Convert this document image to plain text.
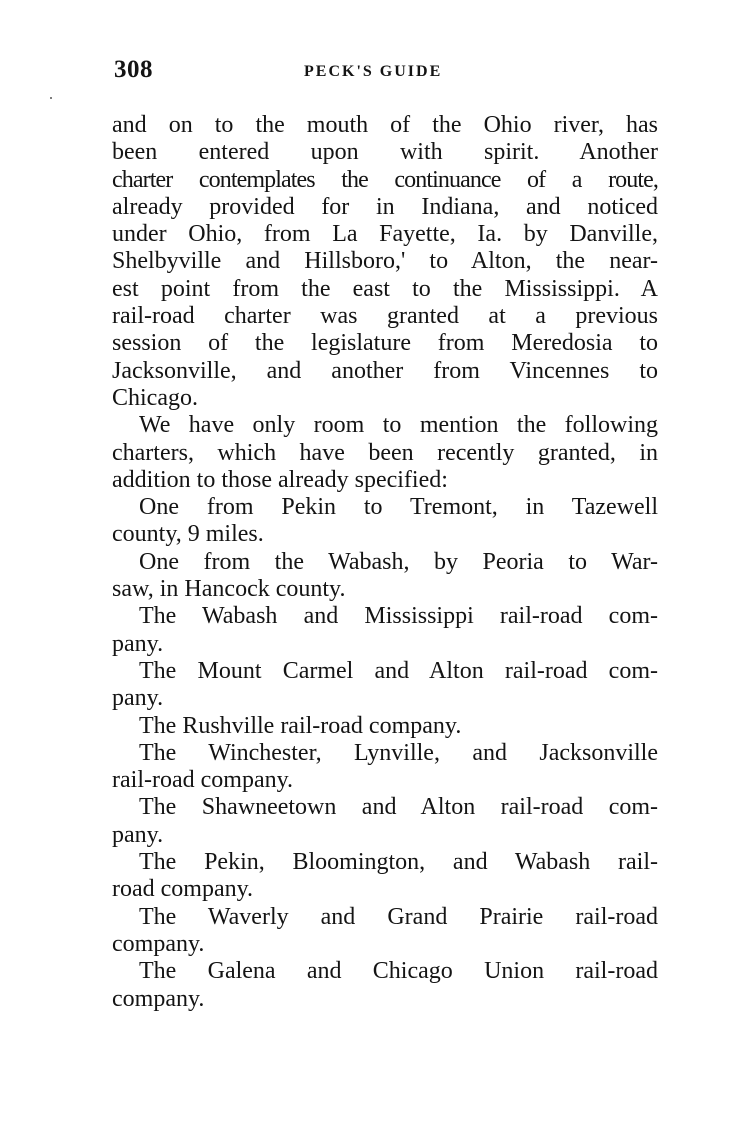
308	PECK'S GUIDE
and on to the mouth of the Ohio river, has
been entered upon with spirit. Another
charter contemplates the continuance of a route,
already provided for in Indiana, and noticed
under Ohio, from La Fayette, Ia. by Danville,
Shelbyville and Hillsboro,' to Alton, the near-
est point from the east to the Mississippi. A
rail-road charter was granted at a previous
session of the legislature from Meredosia to
Jacksonville, and another from Vincennes to
Chicago.
We have only room to mention the following
charters, which have been recently granted, in
addition to those already specified:
One from Pekin to Tremont, in Tazewell
county, 9 miles.
One from the Wabash, by Peoria to War-
saw, in Hancock county.
The Wabash and Mississippi rail-road com-
pany.
The Mount Carmel and Alton rail-road com-
pany.
The Rushville rail-road company.
The Winchester, Lynville, and Jacksonville
rail-road company.
The Shawneetown and Alton rail-road com-
pany.
The Pekin, Bloomington, and Wabash rail-
road company.
The Waverly and Grand Prairie rail-road
company.
The Galena and Chicago Union rail-road
company.
